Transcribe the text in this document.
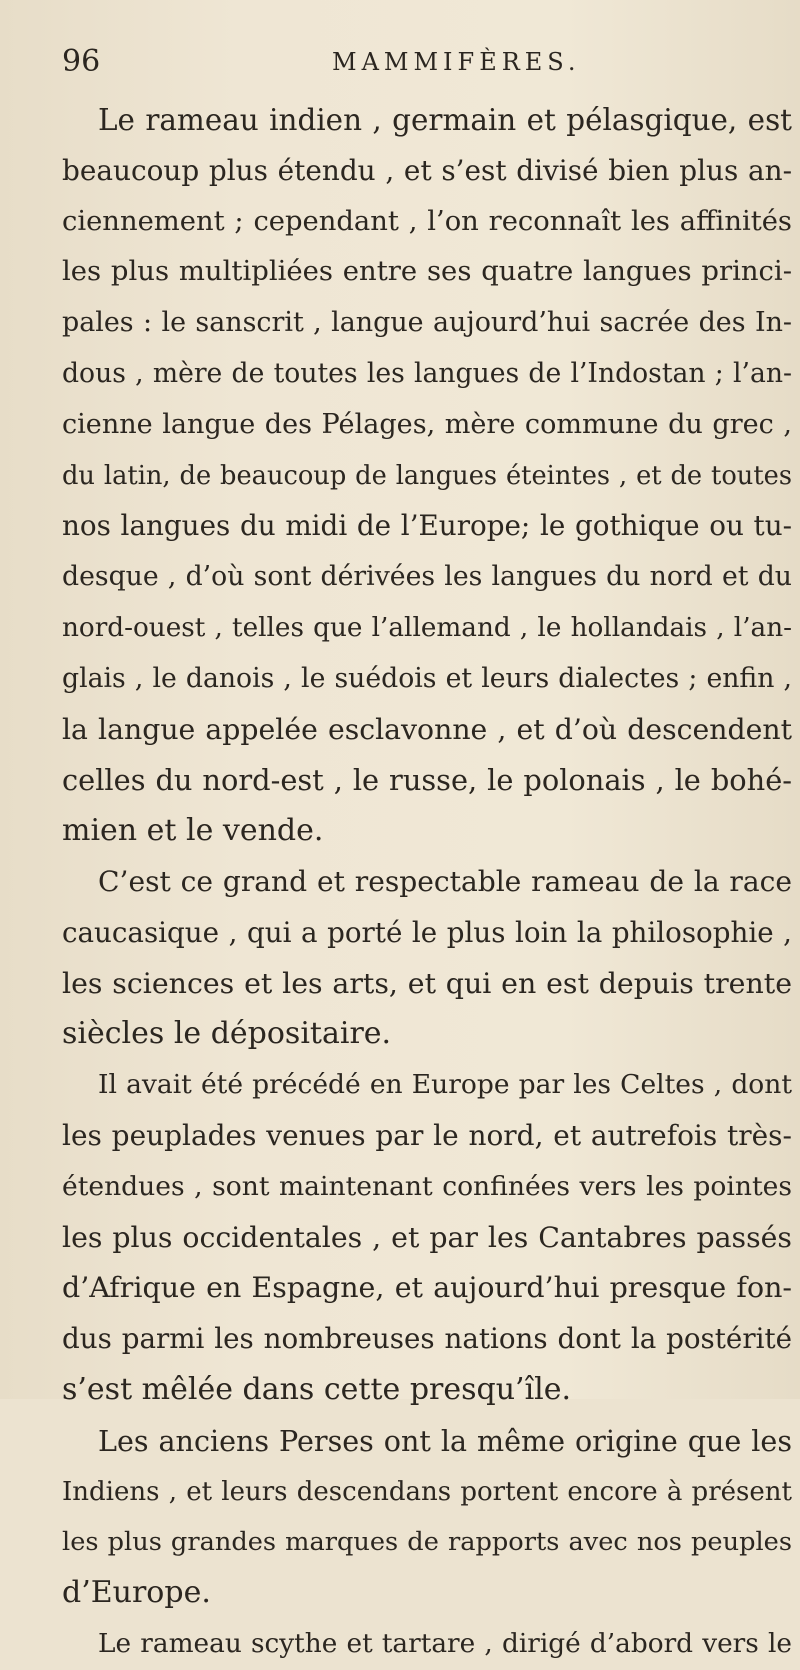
96	MAMMIFÈRES.
Le rameau indien , germain et pélasgique, est
beaucoup plus étendu , et s’est divisé bien plus an-
ciennement ; cependant , l’on reconnaît les affinités
les plus multipliées entre ses quatre langues princi-
pales : le sanscrit , langue aujourd’hui sacrée des In-
dous , mère de toutes les langues de l’Indostan ; l’an-
cienne langue des Pélages, mère commune du grec ,
du latin, de beaucoup de langues éteintes , et de toutes
nos langues du midi de l’Europe; le gothique ou tu-
desque , d’où sont dérivées les langues du nord et du
nord-ouest , telles que l’allemand , le hollandais , l’an-
glais , le danois , le suédois et leurs dialectes ; enfin ,
la langue appelée esclavonne , et d’où descendent
celles du nord-est , le russe, le polonais , le bohé-
mien et le vende.
C’est ce grand et respectable rameau de la race
caucasique , qui a porté le plus loin la philosophie ,
les sciences et les arts, et qui en est depuis trente
siècles le dépositaire.
Il avait été précédé en Europe par les Celtes , dont
les peuplades venues par le nord, et autrefois très-
étendues , sont maintenant confinées vers les pointes
les plus occidentales , et par les Cantabres passés
d’Afrique en Espagne, et aujourd’hui presque fon-
dus parmi les nombreuses nations dont la postérité
s’est mêlée dans cette presqu’île.
Les anciens Perses ont la même origine que les
Indiens , et leurs descendans portent encore à présent
les plus grandes marques de rapports avec nos peuples
d’Europe.
Le rameau scythe et tartare , dirigé d’abord vers le
